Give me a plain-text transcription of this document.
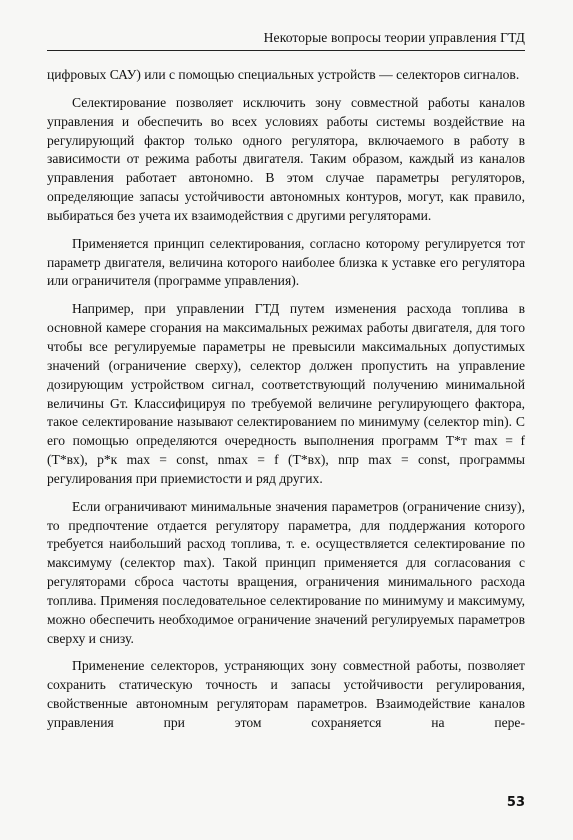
Некоторые вопросы теории управления ГТД

цифровых САУ) или с помощью специальных устройств — селекторов сигналов.

Селектирование позволяет исключить зону совместной работы каналов управления и обеспечить во всех условиях работы системы воздействие на регулирующий фактор только одного регулятора, включаемого в работу в зависимости от режима работы двигателя. Таким образом, каждый из каналов управления работает автономно. В этом случае параметры регуляторов, определяющие запасы устойчивости автономных контуров, могут, как правило, выбираться без учета их взаимодействия с другими регуляторами.

Применяется принцип селектирования, согласно которому регулируется тот параметр двигателя, величина которого наиболее близка к уставке его регулятора или ограничителя (программе управления).

Например, при управлении ГТД путем изменения расхода топлива в основной камере сгорания на максимальных режимах работы двигателя, для того чтобы все регулируемые параметры не превысили максимальных допустимых значений (ограничение сверху), селектор должен пропустить на управление дозирующим устройством сигнал, соответствующий получению минимальной величины Gт. Классифицируя по требуемой величине регулирующего фактора, такое селектирование называют селектированием по минимуму (селектор min). С его помощью определяются очередность выполнения программ T*т max = f (T*вх), p*к max = const, nmax = f (T*вх), nпр max = const, программы регулирования при приемистости и ряд других.

Если ограничивают минимальные значения параметров (ограничение снизу), то предпочтение отдается регулятору параметра, для поддержания которого требуется наибольший расход топлива, т. е. осуществляется селектирование по максимуму (селектор max). Такой принцип применяется для согласования с регуляторами сброса частоты вращения, ограничения минимального расхода топлива. Применяя последовательное селектирование по минимуму и максимуму, можно обеспечить необходимое ограничение значений регулируемых параметров сверху и снизу.

Применение селекторов, устраняющих зону совместной работы, позволяет сохранить статическую точность и запасы устойчивости регулирования, свойственные автономным регуляторам параметров. Взаимодействие каналов управления при этом сохраняется на пере-

53
